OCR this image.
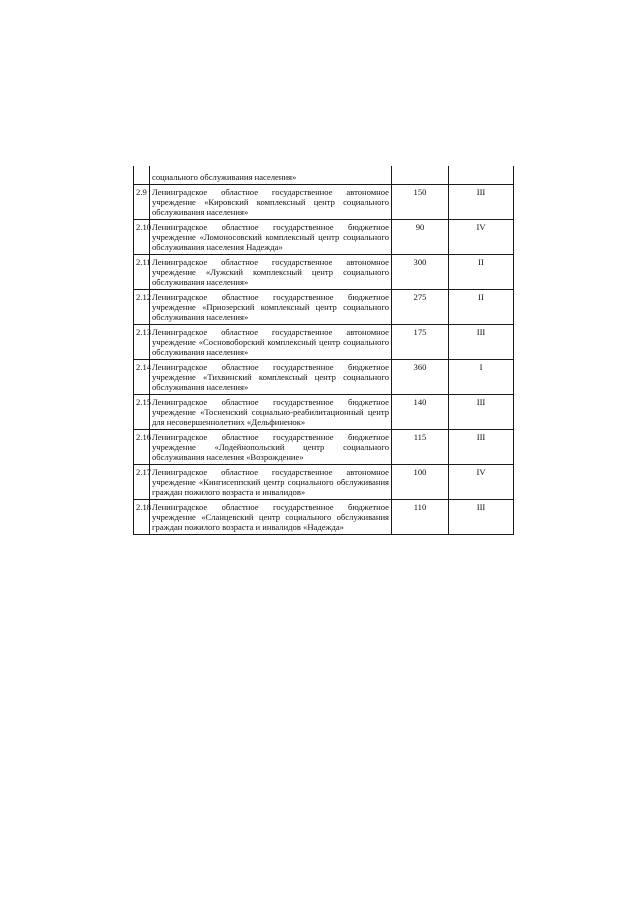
	социального обслуживания населения»		
2.9	Ленинградское областное государственное автономное учреждение «Кировский комплексный центр социального обслуживания населения»	150	III
2.10	Ленинградское областное государственное бюджетное учреждение «Ломоносовский комплексный центр социального обслуживания населения Надежда»	90	IV
2.11	Ленинградское областное государственное автономное учреждение «Лужский комплексный центр социального обслуживания населения»	300	II
2.12	Ленинградское областное государственное бюджетное учреждение «Приозерский комплексный центр социального обслуживания населения»	275	II
2.13	Ленинградское областное государственное автономное учреждение «Сосновоборский комплексный центр социального обслуживания населения»	175	III
2.14	Ленинградское областное государственное бюджетное учреждение «Тихвинский комплексный центр социального обслуживания населения»	360	I
2.15	Ленинградское областное государственное бюджетное учреждение «Тосненский социально-реабилитационный центр для несовершеннолетних «Дельфиненок»	140	III
2.16	Ленинградское областное государственное бюджетное учреждение «Лодейнопольский центр социального обслуживания населения «Возрождение»	115	III
2.17	Ленинградское областное государственное автономное учреждение «Кингисеппский центр социального обслуживания граждан пожилого возраста и инвалидов»	100	IV
2.18	Ленинградское областное государственное бюджетное учреждение «Сланцевский центр социального обслуживания граждан пожилого возраста и инвалидов «Надежда»	110	III
